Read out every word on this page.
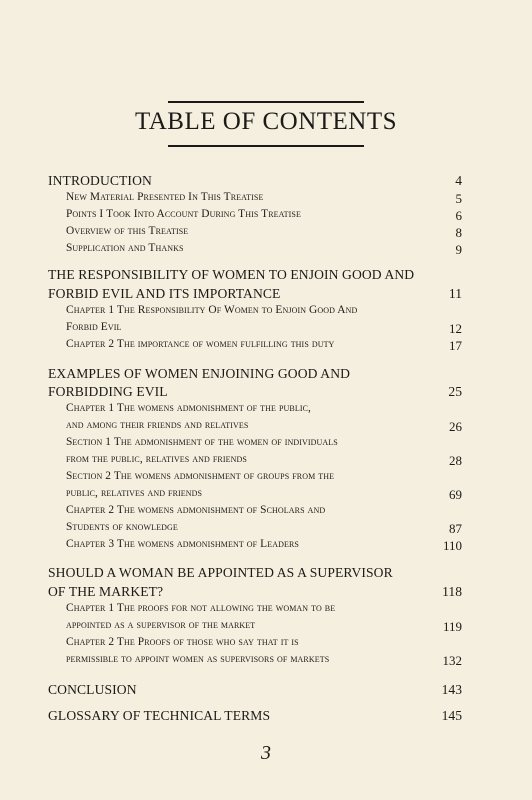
TABLE OF CONTENTS
INTRODUCTION	4
New Material Presented In This Treatise	5
Points I Took Into Account During This Treatise	6
Overview of this Treatise	8
Supplication and Thanks	9
THE RESPONSIBILITY OF WOMEN TO ENJOIN GOOD AND
FORBID EVIL AND ITS IMPORTANCE	11
Chapter 1 The Responsibility Of Women to Enjoin Good And
Forbid Evil	12
Chapter 2 The importance of women fulfilling this duty	17
EXAMPLES OF WOMEN ENJOINING GOOD AND
FORBIDDING EVIL	25
Chapter 1 The womens admonishment of the public,
and among their friends and relatives	26
Section 1 The admonishment of the women of individuals
from the public, relatives and friends	28
Section 2 The womens admonishment of groups from the
public, relatives and friends	69
Chapter 2 The womens admonishment of Scholars and
Students of knowledge	87
Chapter 3 The womens admonishment of Leaders	110
SHOULD A WOMAN BE APPOINTED AS A SUPERVISOR
OF THE MARKET?	118
Chapter 1 The proofs for not allowing the woman to be
appointed as a supervisor of the market	119
Chapter 2 The Proofs of those who say that it is
permissible to appoint women as supervisors of markets	132
CONCLUSION	143
GLOSSARY OF TECHNICAL TERMS	145
3
